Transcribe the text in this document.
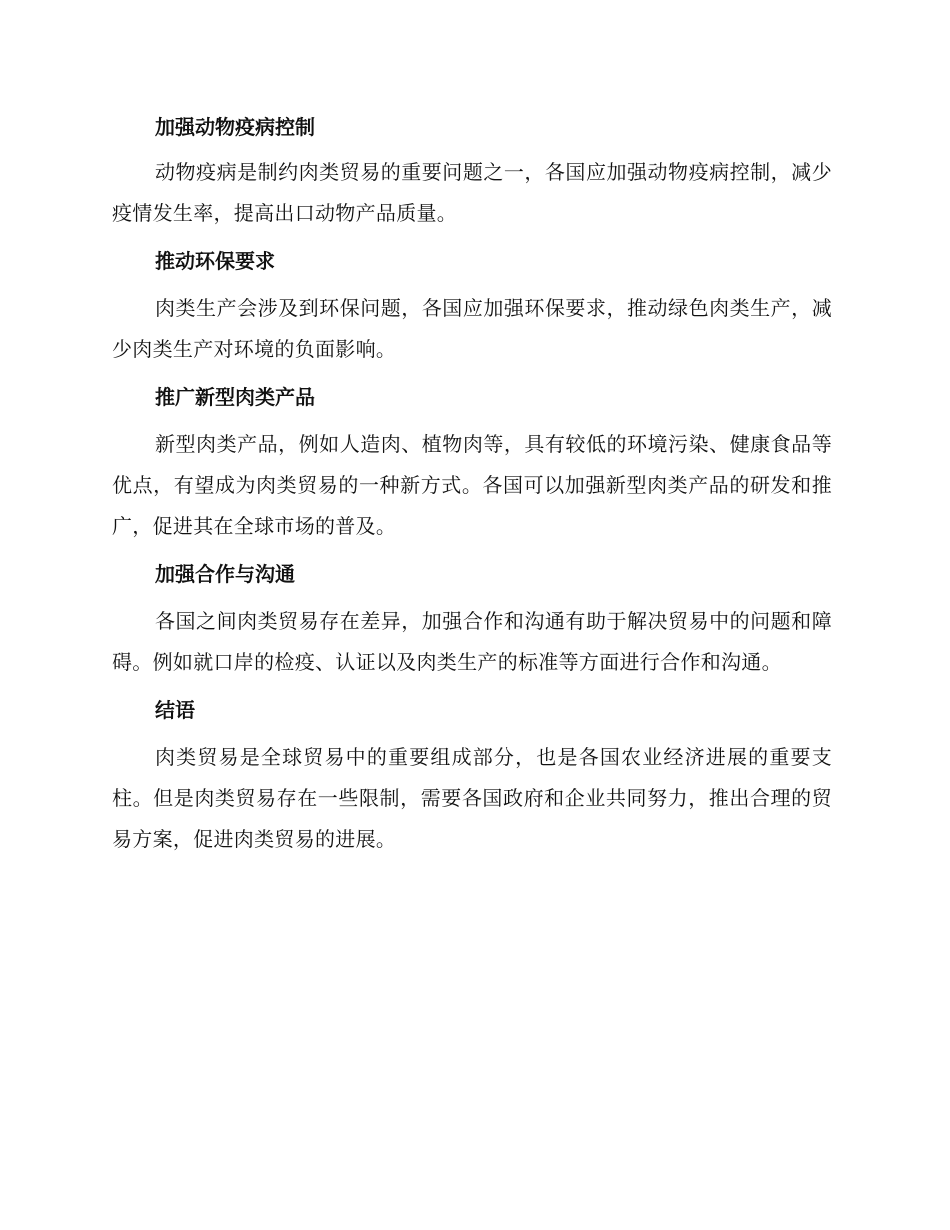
加强动物疫病控制

动物疫病是制约肉类贸易的重要问题之一，各国应加强动物疫病控制，减少疫情发生率，提高出口动物产品质量。

推动环保要求

肉类生产会涉及到环保问题，各国应加强环保要求，推动绿色肉类生产，减少肉类生产对环境的负面影响。

推广新型肉类产品

新型肉类产品，例如人造肉、植物肉等，具有较低的环境污染、健康食品等优点，有望成为肉类贸易的一种新方式。各国可以加强新型肉类产品的研发和推广，促进其在全球市场的普及。

加强合作与沟通

各国之间肉类贸易存在差异，加强合作和沟通有助于解决贸易中的问题和障碍。例如就口岸的检疫、认证以及肉类生产的标准等方面进行合作和沟通。

结语

肉类贸易是全球贸易中的重要组成部分，也是各国农业经济进展的重要支柱。但是肉类贸易存在一些限制，需要各国政府和企业共同努力，推出合理的贸易方案，促进肉类贸易的进展。
